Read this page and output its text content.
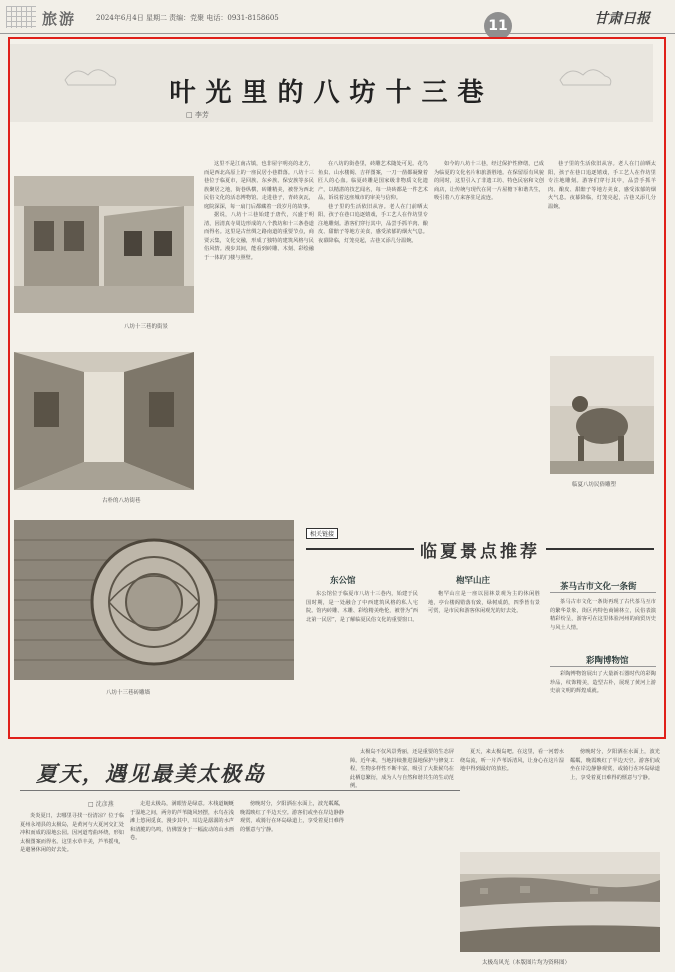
旅游	2024年6月4日 星期二 责编：党聚 电话：0931-8158605	11	甘肃日报
叶光里的八坊十三巷
□ 李芳
八坊十三巷的街景
古朴的八坊街巷

这里不是江南古镇，也非屋宇明亮的北方，而是西北高原上的一座民居小巷群落。八坊十三巷位于临夏市，是回族、东乡族、保安族等多民族聚居之地，街巷纵横，砖雕精美，被誉为西北民俗文化的活态博物馆。走进巷子，青砖灰瓦，庭院深深，每一扇门后都藏着一段岁月的故事。

据说，八坊十三巷始建于唐代，兴盛于明清，因清真寺周边形成的八个教坊和十三条巷道而得名。这里是古丝绸之路南道的重要节点，商贾云集，文化交融，形成了独特的建筑风格与民俗风情。漫步其间，能看到砖雕、木刻、彩绘融于一体的门楼与照壁。

在八坊的街巷里，砖雕艺术随处可见。花鸟鱼虫、山水楼阁、吉祥图案，一刀一凿都凝聚着匠人的心血。临夏砖雕是国家级非物质文化遗产，以精湛的技艺闻名，每一块砖都是一件艺术品，诉说着这座城市的审美与信仰。

巷子里的生活依旧从容。老人在门前晒太阳，孩子在巷口追逐嬉戏，手工艺人在作坊里专注地雕刻。游客们穿行其中，品尝手抓羊肉、酿皮、甜醅子等地方美食，感受浓郁的烟火气息。夜幕降临，灯笼亮起，古巷又添几分温婉。

如今的八坊十三巷，经过保护性修缮，已成为临夏的文化名片和旅游胜地。在保留原有风貌的同时，这里引入了非遗工坊、特色民宿和文创商店，让传统与现代在同一片屋檐下和谐共生，吸引着八方来客驻足流连。

巷子里的生活依旧从容。老人在门前晒太阳，孩子在巷口追逐嬉戏，手工艺人在作坊里专注地雕刻。游客们穿行其中，品尝手抓羊肉、酿皮、甜醅子等地方美食，感受浓郁的烟火气息。夜幕降临，灯笼亮起，古巷又添几分温婉。

临夏八坊民俗雕塑
八坊十三巷砖雕墙
相关链接
临夏景点推荐
东公馆

东公馆位于临夏市八坊十三巷内，始建于民国时期，是一处融合了中西建筑风格的私人宅院。馆内砖雕、木雕、彩绘精美绝伦，被誉为“西北第一民居”，是了解临夏民俗文化的重要窗口。

枹罕山庄

枹罕山庄是一座以园林景观为主的休闲胜地，亭台楼阁错落有致，绿树成荫，四季皆有景可赏，是市民和游客休闲观光的好去处。

茶马古市文化一条街

茶马古市文化一条街再现了古代茶马互市的繁华景象，街区内特色商铺林立，民俗表演精彩纷呈，游客可在这里体验河州的商贸历史与风土人情。

彩陶博物馆

彩陶博物馆展出了大量新石器时代的彩陶珍品，纹饰精美，造型古朴，展现了黄河上游史前文明的辉煌成就。

夏天，遇见最美太极岛
□ 沈彦燕

炎炎夏日，去哪里寻找一份清凉？位于临夏州永靖县的太极岛，是黄河与大夏河交汇处冲积而成的湿地公园。因河道弯曲环绕，形如太极图案而得名。这里水草丰美，芦苇摇曳，是避暑休闲的好去处。

走进太极岛，满眼皆是绿意。木栈道蜿蜒于湿地之间，两旁的芦苇随风轻摆，水鸟在浅滩上悠闲觅食。漫步其中，耳边是潺潺的水声和清脆的鸟鸣，仿佛置身于一幅流动的山水画卷。

傍晚时分，夕阳洒在水面上，波光粼粼，晚霞映红了半边天空。游客们或坐在岸边静静观赏，或骑行在环岛绿道上，享受着夏日难得的惬意与宁静。

太极岛不仅风景秀丽，还是重要的生态屏障。近年来，当地持续推进湿地保护与修复工程，生物多样性不断丰富，吸引了大批候鸟在此栖息繁衍，成为人与自然和谐共生的生动范例。

夏天，来太极岛吧。在这里，看一河碧水绕岛流，听一片芦苇诉清风，让身心在这片湿地中得到最好的放松。

傍晚时分，夕阳洒在水面上，波光粼粼，晚霞映红了半边天空。游客们或坐在岸边静静观赏，或骑行在环岛绿道上，享受着夏日难得的惬意与宁静。

太极岛风光（本版图片均为资料图）
